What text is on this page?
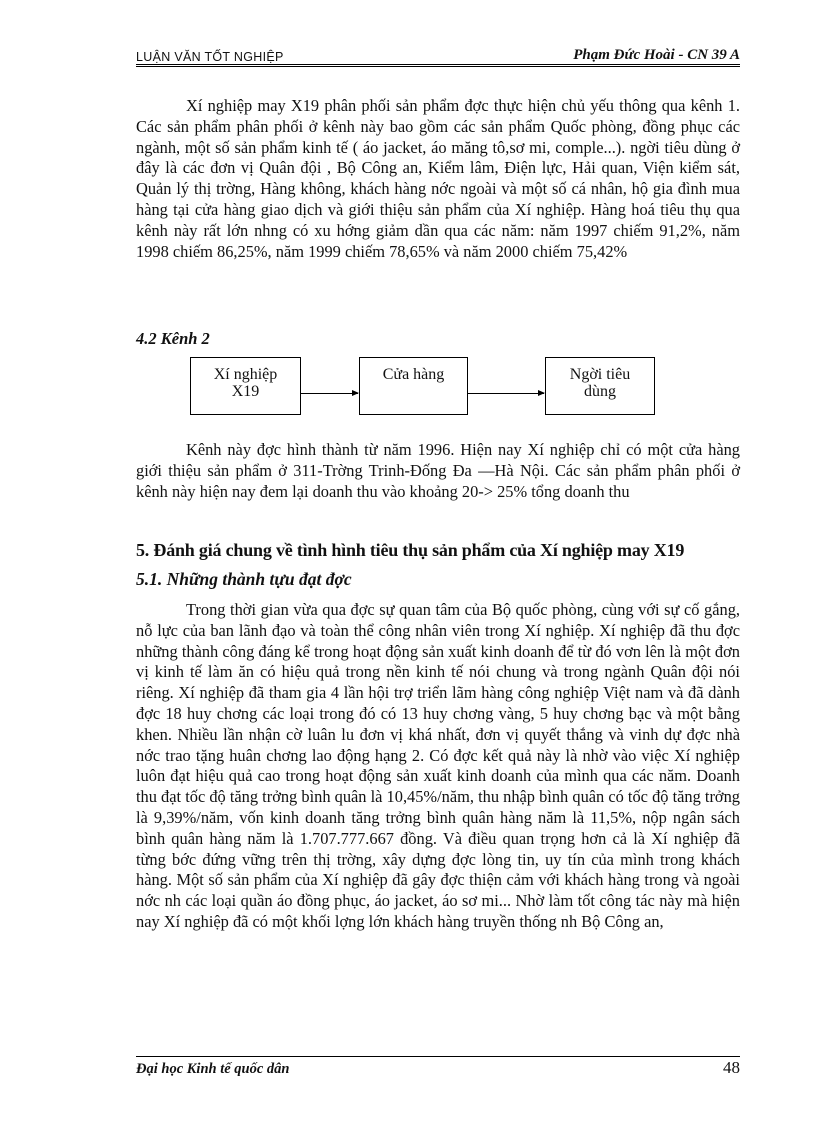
LUẬN VĂN TỐT NGHIỆP	Phạm Đức Hoài - CN 39 A

Xí nghiệp may X19 phân phối sản phẩm đợc thực hiện chủ yếu thông qua kênh 1. Các sản phẩm phân phối ở kênh này bao gồm các sản phẩm Quốc phòng, đồng phục các ngành, một số sản phẩm kinh tế ( áo jacket, áo măng tô,sơ mi, comple...). ngời tiêu dùng ở đây là các đơn vị Quân đội , Bộ Công an, Kiểm lâm, Điện lực, Hải quan, Viện kiểm sát, Quản lý thị trờng, Hàng không, khách hàng nớc ngoài và một số cá nhân, hộ gia đình mua hàng tại cửa hàng giao dịch và giới thiệu sản phẩm của Xí nghiệp. Hàng hoá tiêu thụ qua kênh này rất lớn nhng có xu hớng giảm dần qua các năm: năm 1997 chiếm 91,2%, năm 1998 chiếm 86,25%, năm 1999 chiếm 78,65% và năm 2000 chiếm 75,42%

4.2 Kênh 2

Xí nghiệp
X19
Cửa hàng	Ngời tiêu
dùng

Kênh này đợc hình thành từ năm 1996. Hiện nay Xí nghiệp chỉ có một cửa hàng giới thiệu sản phẩm ở 311-Trờng Trinh-Đống Đa —Hà Nội. Các sản phẩm phân phối ở kênh này hiện nay đem lại doanh thu vào khoảng 20-> 25% tổng doanh thu

5. Đánh giá chung về tình hình tiêu thụ sản phẩm của Xí nghiệp may X19

5.1. Những thành tựu đạt đợc

Trong thời gian vừa qua đợc sự quan tâm của Bộ quốc phòng, cùng với sự cố gắng, nỗ lực của ban lãnh đạo và toàn thể công nhân viên trong Xí nghiệp. Xí nghiệp đã thu đợc những thành công đáng kể trong hoạt động sản xuất kinh doanh để từ đó vơn lên là một đơn vị kinh tế làm ăn có hiệu quả trong nền kinh tế nói chung và trong ngành Quân đội nói riêng. Xí nghiệp đã tham gia 4 lần hội trợ triển lãm hàng công nghiệp Việt nam và đã dành đợc 18 huy chơng các loại trong đó có 13 huy chơng vàng, 5 huy chơng bạc và một bằng khen. Nhiều lần nhận cờ luân lu đơn vị khá nhất, đơn vị quyết thắng và vinh dự đợc nhà nớc trao tặng huân chơng lao động hạng 2. Có đợc kết quả này là nhờ vào việc Xí nghiệp luôn đạt hiệu quả cao trong hoạt động sản xuất kinh doanh của mình qua các năm. Doanh thu đạt tốc độ tăng trởng bình quân là 10,45%/năm, thu nhập bình quân có tốc độ tăng trởng là 9,39%/năm, vốn kinh doanh tăng trởng bình quân hàng năm là 11,5%, nộp ngân sách bình quân hàng năm là 1.707.777.667 đồng. Và điều quan trọng hơn cả là Xí nghiệp đã từng bớc đứng vững trên thị trờng, xây dựng đợc lòng tin, uy tín của mình trong khách hàng. Một số sản phẩm của Xí nghiệp đã gây đợc thiện cảm với khách hàng trong và ngoài nớc nh các loại quần áo đồng phục, áo jacket, áo sơ mi... Nhờ làm tốt công tác này mà hiện nay Xí nghiệp đã có một khối lợng lớn khách hàng truyền thống nh Bộ Công an,

Đại học Kinh tế quốc dân	48
